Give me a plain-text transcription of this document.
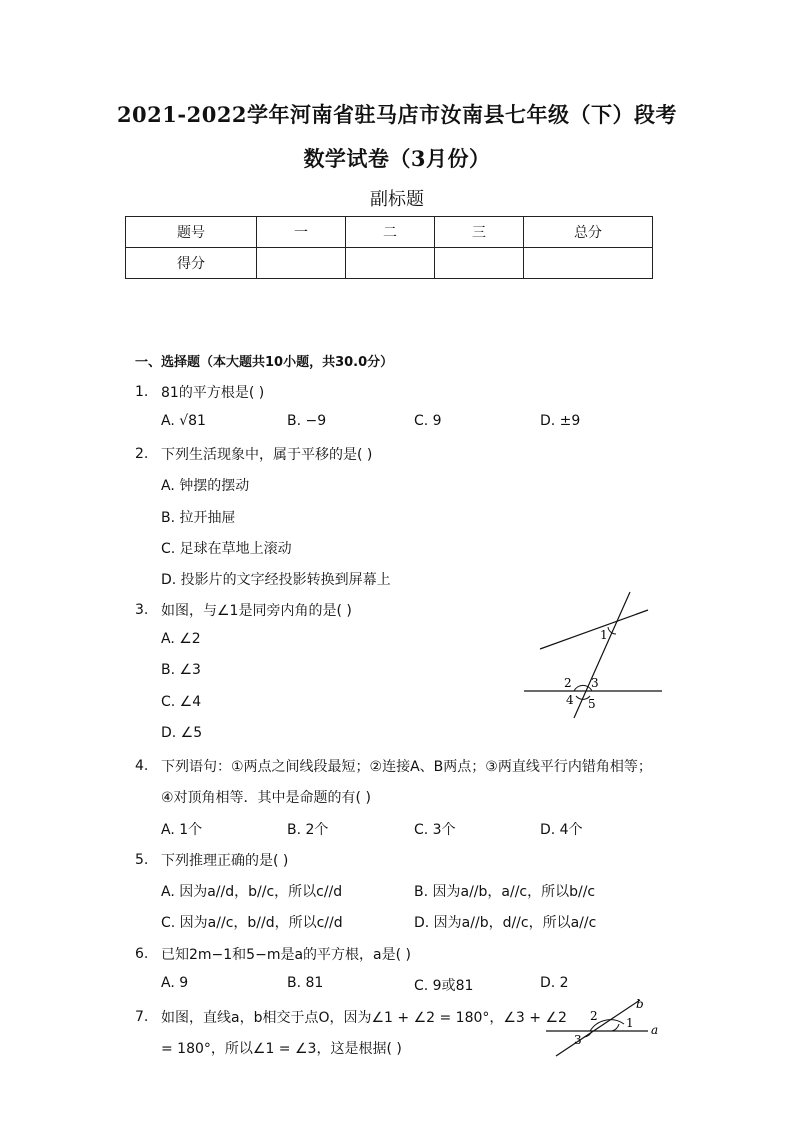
2021-2022学年河南省驻马店市汝南县七年级（下）段考
数学试卷（3月份）
副标题
题号	一	二	三	总分
得分				
一、选择题（本大题共10小题，共30.0分）
1. 81的平方根是( )
A. √81	B. −9	C. 9	D. ±9
2. 下列生活现象中，属于平移的是( )
A. 钟摆的摆动
B. 拉开抽屉
C. 足球在草地上滚动
D. 投影片的文字经投影转换到屏幕上
3. 如图，与∠1是同旁内角的是( )
A. ∠2
B. ∠3
C. ∠4
D. ∠5
1
2 3
4 5
4. 下列语句：①两点之间线段最短；②连接A、B两点；③两直线平行内错角相等；
④对顶角相等．其中是命题的有( )
A. 1个	B. 2个	C. 3个	D. 4个
5. 下列推理正确的是( )
A. 因为a//d，b//c，所以c//d	B. 因为a//b，a//c，所以b//c
C. 因为a//c，b//d，所以c//d	D. 因为a//b，d//c，所以a//c
6. 已知2m−1和5−m是a的平方根，a是( )
A. 9	B. 81	C. 9或81	D. 2
7. 如图，直线a，b相交于点O，因为∠1 + ∠2 = 180°，∠3 + ∠2
= 180°，所以∠1 = ∠3，这是根据( )
1
2
3
a
b
